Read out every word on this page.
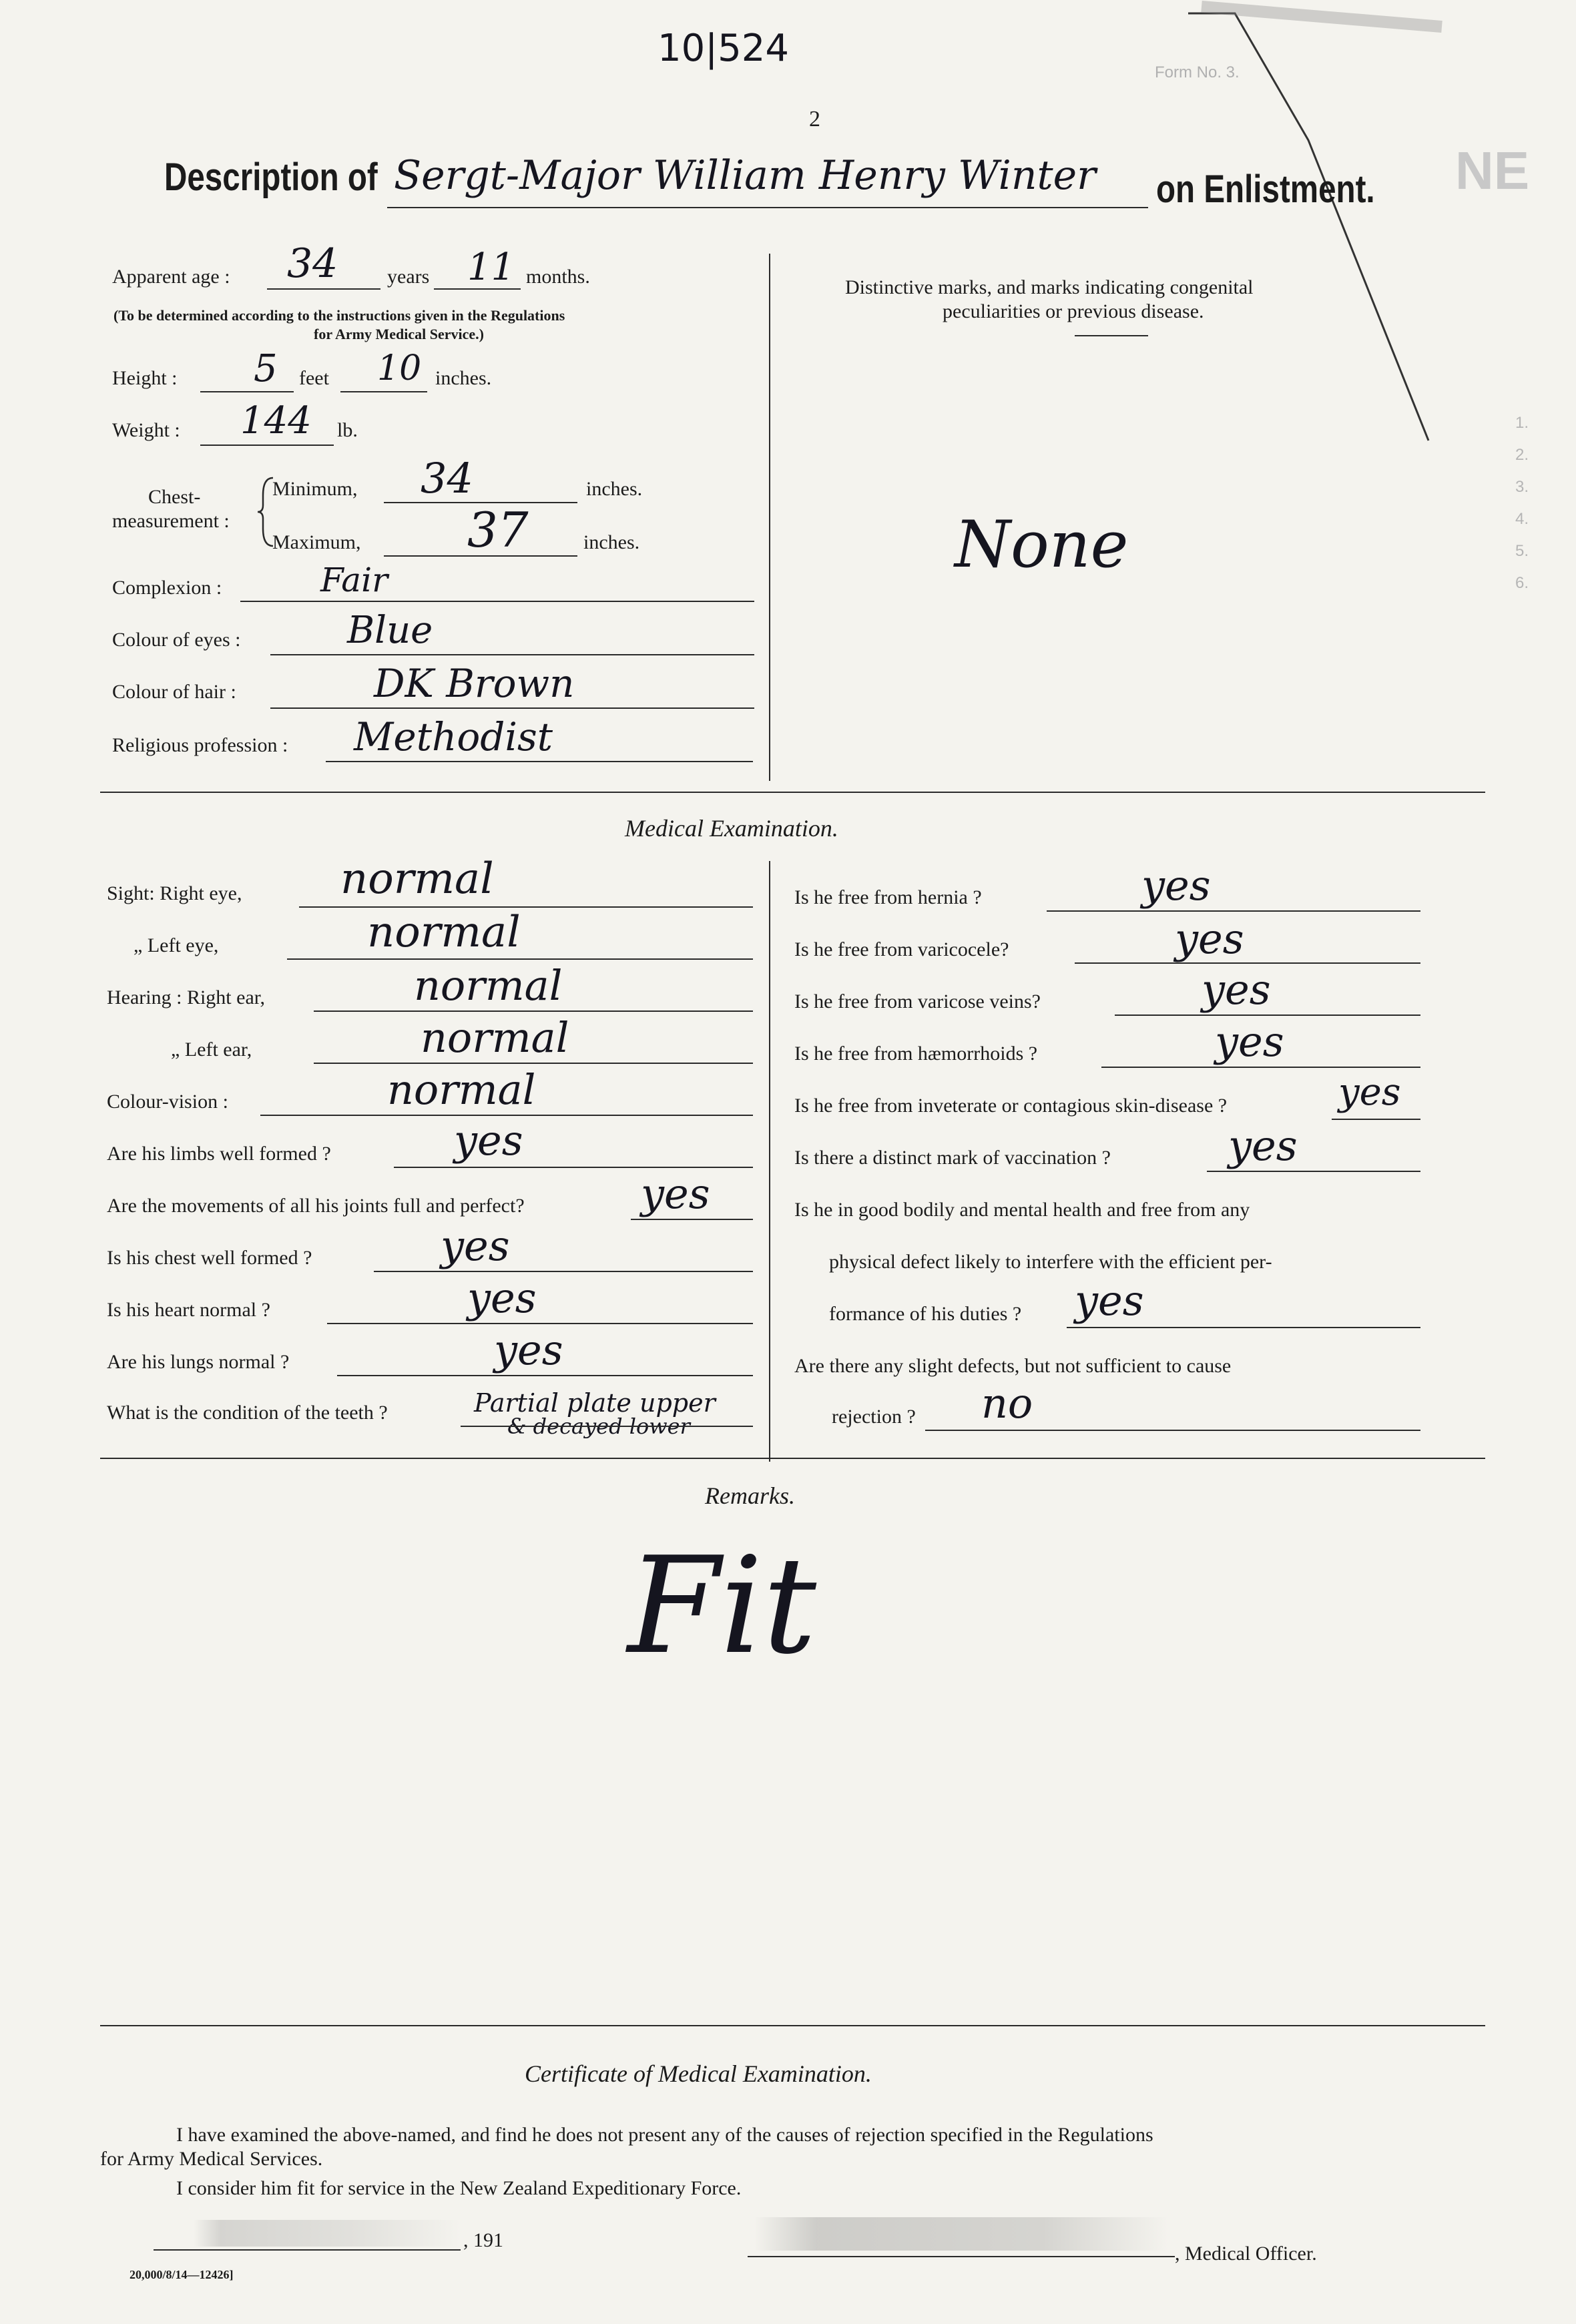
NE
1.
2.
3.
4.
5.
6.
10|524
Form No. 3.
2
Description of Sergt-Major William Henry Winter on Enlistment.
Apparent age : 34 years 11 months.
(To be determined according to the instructions given in the Regulations
for Army Medical Service.)
Height : 5 feet 10 inches.
Weight : 144 lb.
Chest-
measurement :
Minimum, 34	inches.
Maximum, 37	inches.
Complexion :	Fair
Colour of eyes :	Blue
Colour of hair :	DK Brown
Religious profession : Methodist
Distinctive marks, and marks indicating congenital
peculiarities or previous disease.
None
Medical Examination.
Sight: Right eye, normal
„ Left eye,	normal
Hearing : Right ear,	normal
„ Left ear,	normal
Colour-vision :	normal
Are his limbs well formed ?	yes
Are the movements of all his joints full and perfect?	yes
Is his chest well formed ?	yes
Is his heart normal ?	yes
Are his lungs normal ?	yes
What is the condition of the teeth ?	Partial plate upper
& decayed lower
Is he free from hernia ?	yes
Is he free from varicocele?	yes
Is he free from varicose veins?	yes
Is he free from hæmorrhoids ?	yes
Is he free from inveterate or contagious skin-disease ?	yes
Is there a distinct mark of vaccination ?	yes
Is he in good bodily and mental health and free from any
physical defect likely to interfere with the efficient per-
formance of his duties ? yes
Are there any slight defects, but not sufficient to cause
rejection ? no
Remarks.
Fit
Certificate of Medical Examination.
I have examined the above-named, and find he does not present any of the causes of rejection specified in the Regulations
for Army Medical Services.
I consider him fit for service in the New Zealand Expeditionary Force.
, 191
, Medical Officer.
20,000/8/14—12426]
